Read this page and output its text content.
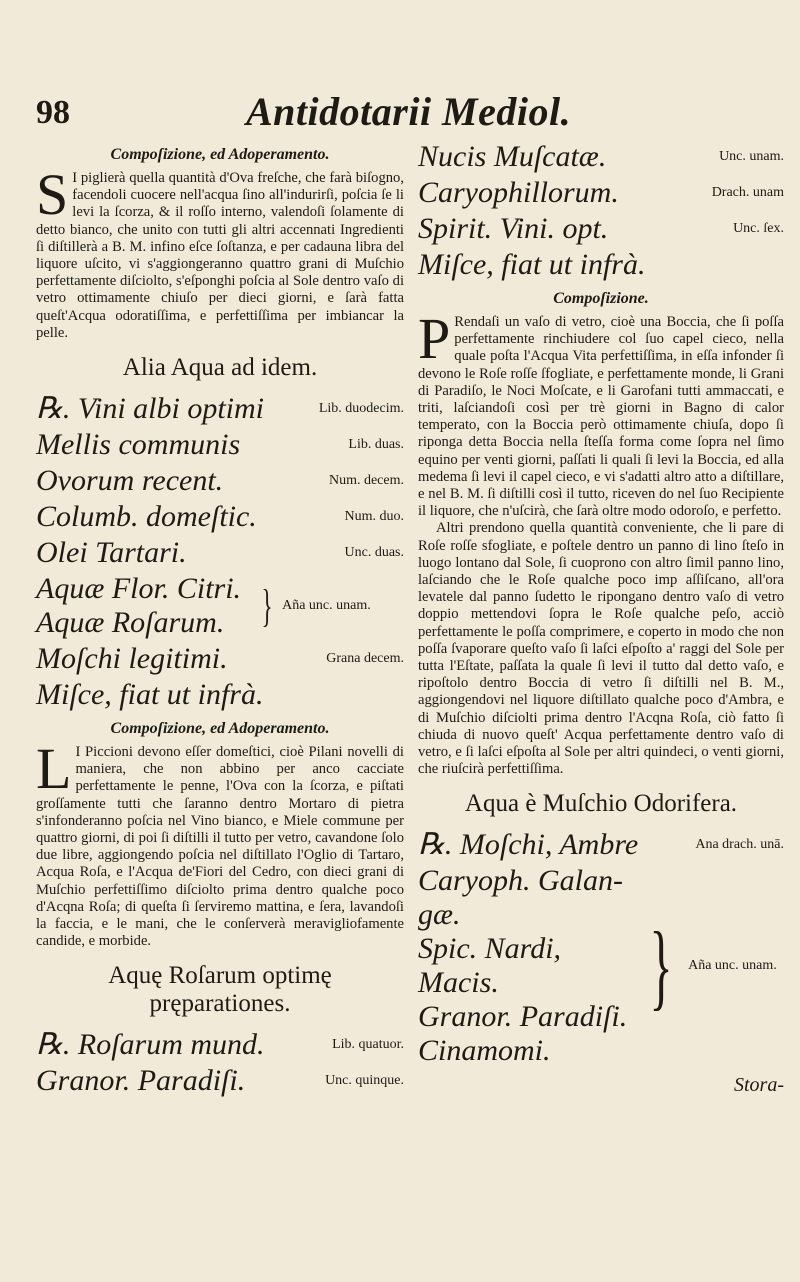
98	Antidotarii Mediol.
Compoſizione, ed Adoperamento.

S I piglierà quella quantità d'Ova freſche, che farà biſogno, facendoli cuocere nell'acqua ſino all'indurirſi, poſcia ſe li levi la ſcorza, & il roſſo interno, valendoſi ſolamente di detto bianco, che unito con tutti gli altri accennati Ingredienti ſi diſtillerà a B. M. infino eſce ſoſtanza, e per cadauna libra del liquore uſcito, vi s'aggiongeranno quattro grani di Muſchio perfettamente diſciolto, s'eſponghi poſcia al Sole dentro vaſo di vetro ottimamente chiuſo per dieci giorni, e ſarà fatta queſt'Acqua odoratiſſima, e perfettiſſima per imbiancar la pelle.

Alia Aqua ad idem.
℞. Vini albi optimi	Lib. duodecim.
Mellis communis	Lib. duas.
Ovorum recent.	Num. decem.
Columb. domeſtic.	Num. duo.
Olei Tartari.	Unc. duas.
Aquæ Flor. Citri.
Aquæ Roſarum. } Aña unc. unam.
Moſchi legitimi.	Grana decem.
Miſce, fiat ut infrà.
Compoſizione, ed Adoperamento.

L I Piccioni devono eſſer domeſtici, cioè Pilani novelli di maniera, che non abbino per anco cacciate perfettamente le penne, l'Ova con la ſcorza, e piſtati groſſamente tutti che ſaranno dentro Mortaro di pietra s'infonderanno poſcia nel Vino bianco, e Miele commune per quattro giorni, di poi ſi diſtilli il tutto per vetro, cavandone ſolo due libre, aggiongendo poſcia nel diſtillato l'Oglio di Tartaro, Acqua Roſa, e l'Acqua de'Fiori del Cedro, con dieci grani di Muſchio perfettiſſimo diſciolto prima dentro qualche poco d'Acqna Roſa; di queſta ſi ſerviremo mattina, e ſera, lavandoſi la faccia, e le mani, che le conſerverà meravigliofamente candide, e morbide.

Aquę Roſarum optimę pręparationes.
℞. Roſarum mund.	Lib. quatuor.
Granor. Paradiſi.	Unc. quinque.
Nucis Muſcatæ.	Unc. unam.
Caryophillorum.	Drach. unam
Spirit. Vini. opt.	Unc. ſex.
Miſce, fiat ut infrà.
Compoſizione.

P Rendaſi un vaſo di vetro, cioè una Boccia, che ſi poſſa perfettamente rinchiudere col ſuo capel cieco, nella quale poſta l'Acqua Vita perfettiſſima, in eſſa infonder ſi devono le Roſe roſſe ſfogliate, e perfettamente monde, li Grani di Paradiſo, le Noci Moſcate, e li Garofani tutti ammaccati, e triti, laſciandoſi così per trè giorni in Bagno di calor temperato, con la Boccia però ottimamente chiuſa, dopo ſi riponga detta Boccia nella ſteſſa forma come ſopra nel ſimo equino per venti giorni, paſſati li quali ſi levi la Boccia, ed alla medema ſi levi il capel cieco, e vi s'adatti altro atto a diſtillare, e nel B. M. ſi diſtilli così il tutto, riceven do nel ſuo Recipiente il liquore, che n'uſcirà, che ſarà oltre modo odoroſo, e perfetto.

Altri prendono quella quantità conveniente, che li pare di Roſe roſſe sfogliate, e poſtele dentro un panno di lino ſteſo in luogo lontano dal Sole, ſi cuoprono con altro ſimil panno lino, laſciando che le Roſe qualche poco imp aſſiſcano, all'ora levatele dal panno ſudetto le ripongano dentro vaſo di vetro doppio mettendovi ſopra le Roſe qualche peſo, acciò perfettamente le poſſa comprimere, e coperto in modo che non poſſa ſvaporare queſto vaſo ſi laſci eſpoſto a' raggi del Sole per tutta l'Eſtate, paſſata la quale ſi levi il tutto dal detto vaſo, e ripoſtolo dentro Boccia di vetro ſi diſtilli nel B. M., aggiongendovi nel liquore diſtillato qualche poco d'Ambra, e di Muſchio diſciolti prima dentro l'Acqna Roſa, ciò fatto ſi chiuda di nuovo queſt' Acqua perfettamente dentro vaſo di vetro, e ſi laſci eſpoſta al Sole per altri quindeci, o venti giorni, che riuſcirà perfettiſſima.

Aqua è Muſchio Odorifera.
℞. Moſchi, Ambre	Ana drach. unā.
Caryoph. Galan-
gæ.
Spic. Nardi,
Macis.
Granor. Paradiſi.
Cinamomi.
} Aña unc. unam.
Stora-
